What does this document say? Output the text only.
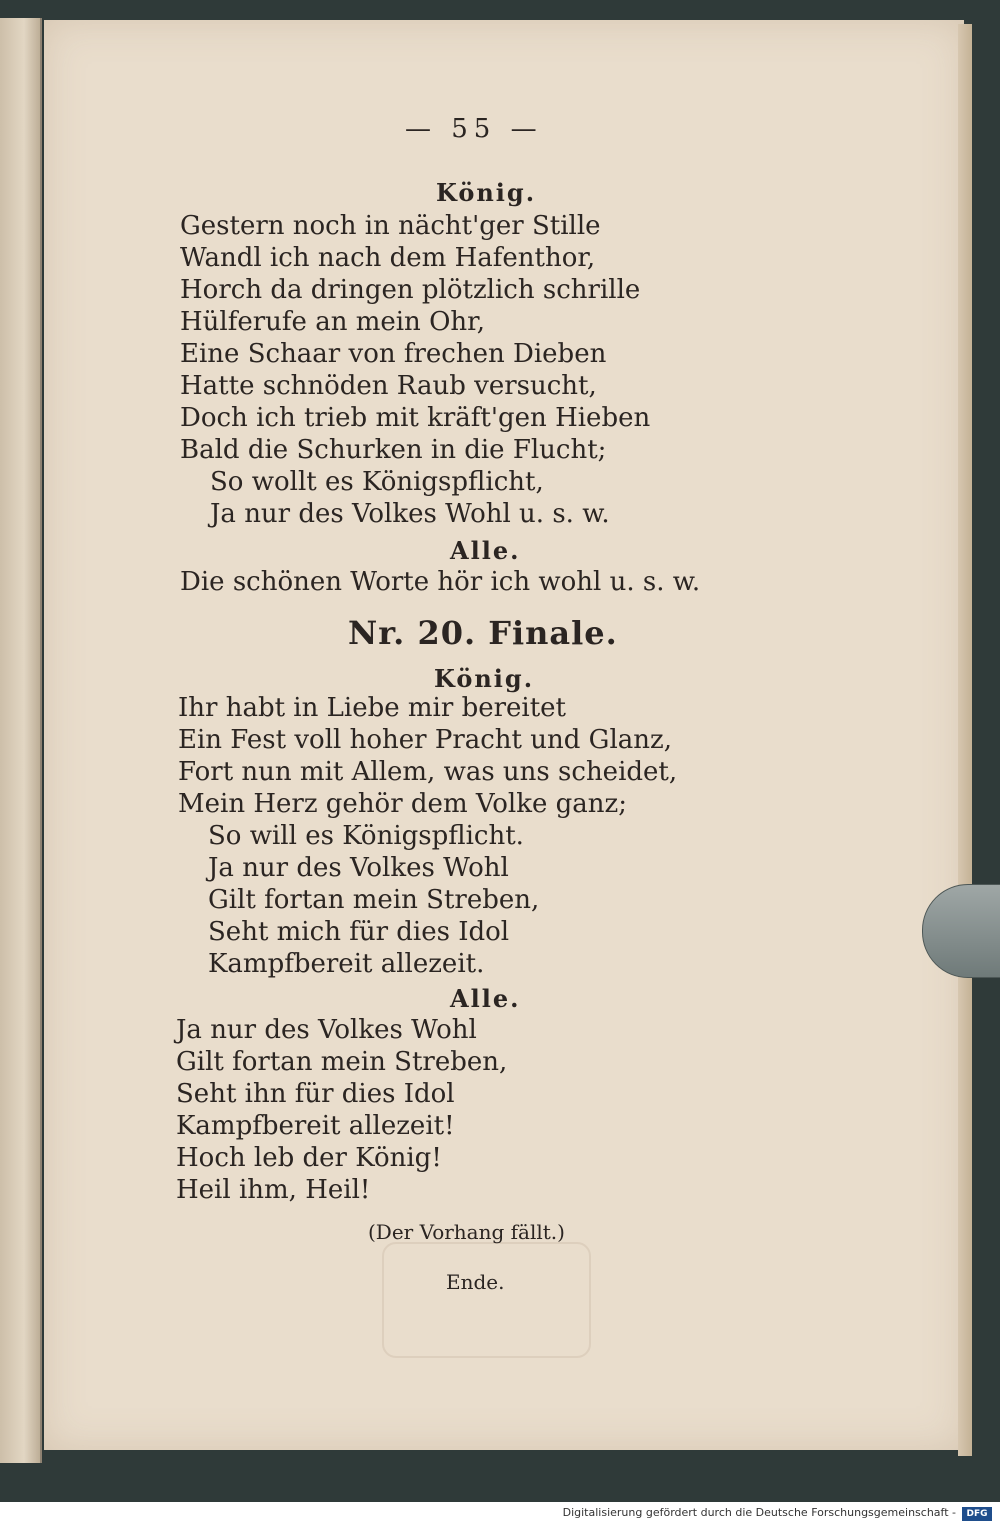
— 55 —
König.
Gestern noch in nächt'ger Stille
Wandl ich nach dem Hafenthor,
Horch da dringen plötzlich schrille
Hülferufe an mein Ohr,
Eine Schaar von frechen Dieben
Hatte schnöden Raub versucht,
Doch ich trieb mit kräft'gen Hieben
Bald die Schurken in die Flucht;
So wollt es Königspflicht,
Ja nur des Volkes Wohl u. s. w.
Alle.
Die schönen Worte hör ich wohl u. s. w.
Nr. 20. Finale.
König.
Ihr habt in Liebe mir bereitet
Ein Fest voll hoher Pracht und Glanz,
Fort nun mit Allem, was uns scheidet,
Mein Herz gehör dem Volke ganz;
So will es Königspflicht.
Ja nur des Volkes Wohl
Gilt fortan mein Streben,
Seht mich für dies Idol
Kampfbereit allezeit.
Alle.
Ja nur des Volkes Wohl
Gilt fortan mein Streben,
Seht ihn für dies Idol
Kampfbereit allezeit!
Hoch leb der König!
Heil ihm, Heil!
(Der Vorhang fällt.)
Ende.
Digitalisierung gefördert durch die Deutsche Forschungsgemeinschaft -	DFG
